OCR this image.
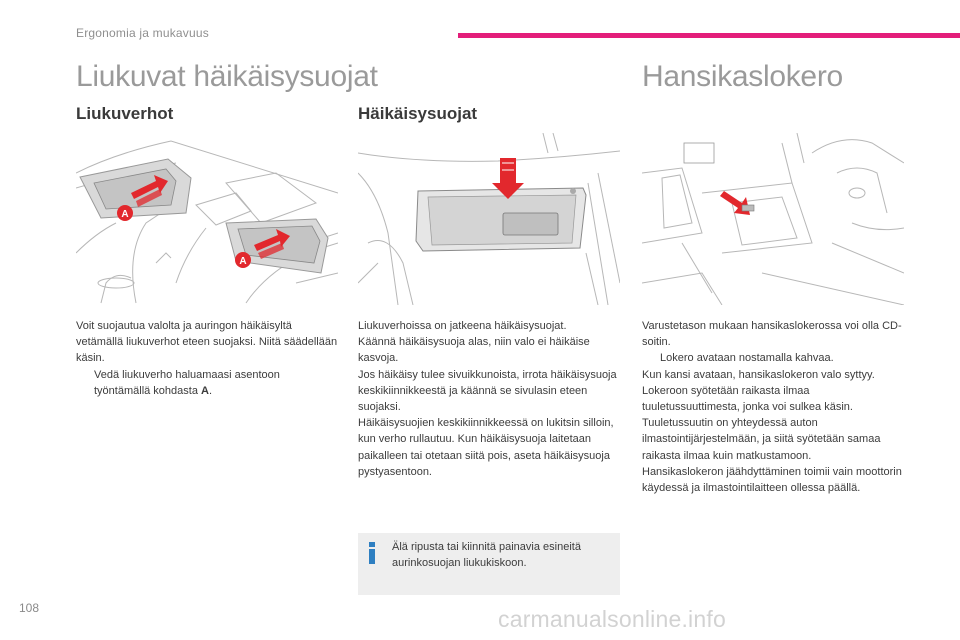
Ergonomia ja mukavuus
Liukuvat häikäisysuojat	Hansikaslokero
Liukuverhot	Häikäisysuojat
A
A

Voit suojautua valolta ja auringon häikäisyltä vetämällä liukuverhot eteen suojaksi. Niitä säädellään käsin.

Vedä liukuverho haluamaasi asentoon työntämällä kohdasta A.

Liukuverhoissa on jatkeena häikäisysuojat.

Käännä häikäisysuoja alas, niin valo ei häikäise kasvoja.

Jos häikäisy tulee sivuikkunoista, irrota häikäisysuoja keskikiinnikkeestä ja käännä se sivulasin eteen suojaksi.

Häikäisysuojien keskikiinnikkeessä on lukitsin silloin, kun verho rullautuu. Kun häikäisysuoja laitetaan paikalleen tai otetaan siitä pois, aseta häikäisysuoja pystyasentoon.

Älä ripusta tai kiinnitä painavia esineitä aurinkosuojan liukukiskoon.

Varustetason mukaan hansikaslokerossa voi olla CD-soitin.

Lokero avataan nostamalla kahvaa.

Kun kansi avataan, hansikaslokeron valo syttyy.

Lokeroon syötetään raikasta ilmaa tuuletussuuttimesta, jonka voi sulkea käsin.

Tuuletussuutin on yhteydessä auton ilmastointijärjestelmään, ja siitä syötetään samaa raikasta ilmaa kuin matkustamoon.

Hansikaslokeron jäähdyttäminen toimii vain moottorin käydessä ja ilmastointilaitteen ollessa päällä.

108	carmanualsonline.info
